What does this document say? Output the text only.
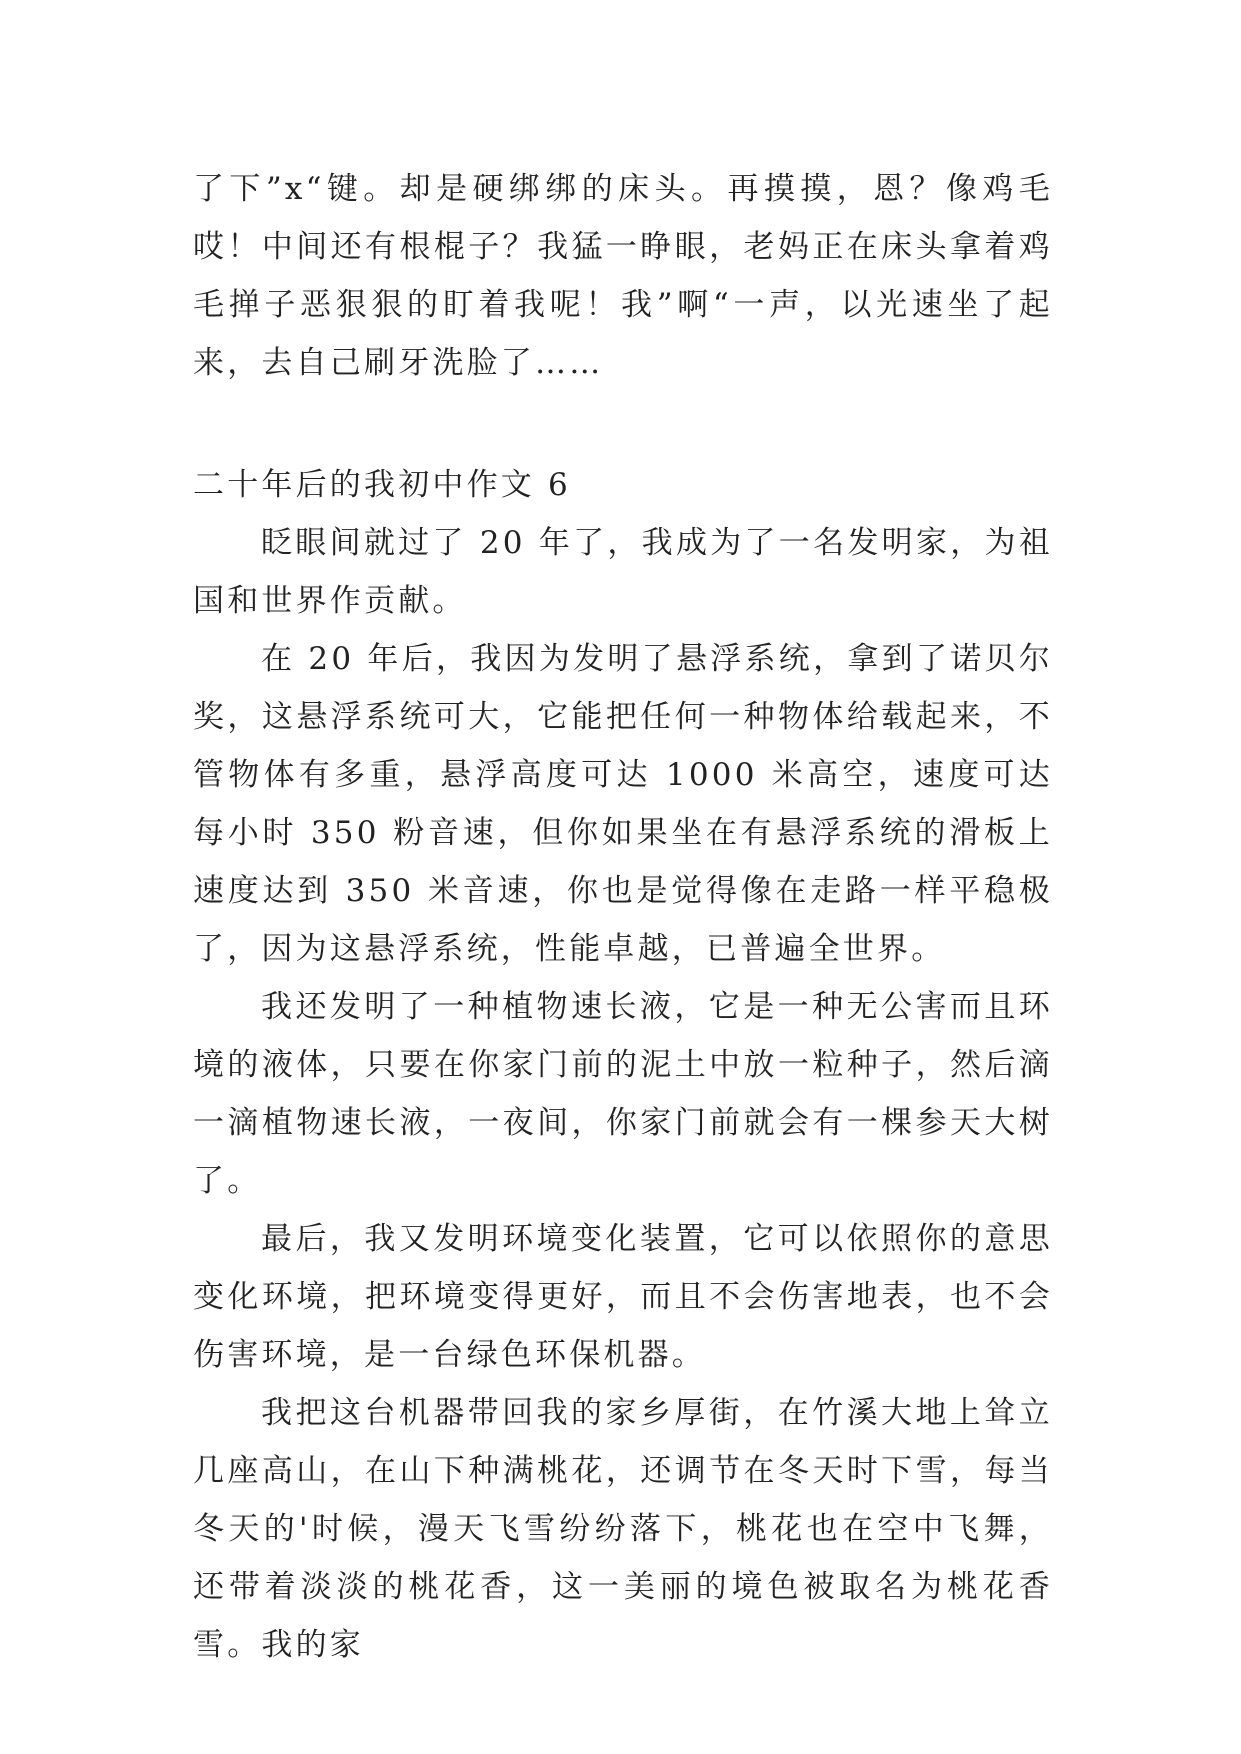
了下”x“键。却是硬绑绑的床头。再摸摸，恩？像鸡毛哎！中间还有根棍子？我猛一睁眼，老妈正在床头拿着鸡毛掸子恶狠狠的盯着我呢！我”啊“一声，以光速坐了起来，去自己刷牙洗脸了……

二十年后的我初中作文 6

眨眼间就过了 20 年了，我成为了一名发明家，为祖国和世界作贡献。

在 20 年后，我因为发明了悬浮系统，拿到了诺贝尔奖，这悬浮系统可大，它能把任何一种物体给载起来，不管物体有多重，悬浮高度可达 1000 米高空，速度可达每小时 350 粉音速，但你如果坐在有悬浮系统的滑板上速度达到 350 米音速，你也是觉得像在走路一样平稳极了，因为这悬浮系统，性能卓越，已普遍全世界。

我还发明了一种植物速长液，它是一种无公害而且环境的液体，只要在你家门前的泥土中放一粒种子，然后滴一滴植物速长液，一夜间，你家门前就会有一棵参天大树了。

最后，我又发明环境变化装置，它可以依照你的意思变化环境，把环境变得更好，而且不会伤害地表，也不会伤害环境，是一台绿色环保机器。

我把这台机器带回我的家乡厚街，在竹溪大地上耸立几座高山，在山下种满桃花，还调节在冬天时下雪，每当冬天的'时候，漫天飞雪纷纷落下，桃花也在空中飞舞，还带着淡淡的桃花香，这一美丽的境色被取名为桃花香雪。我的家
